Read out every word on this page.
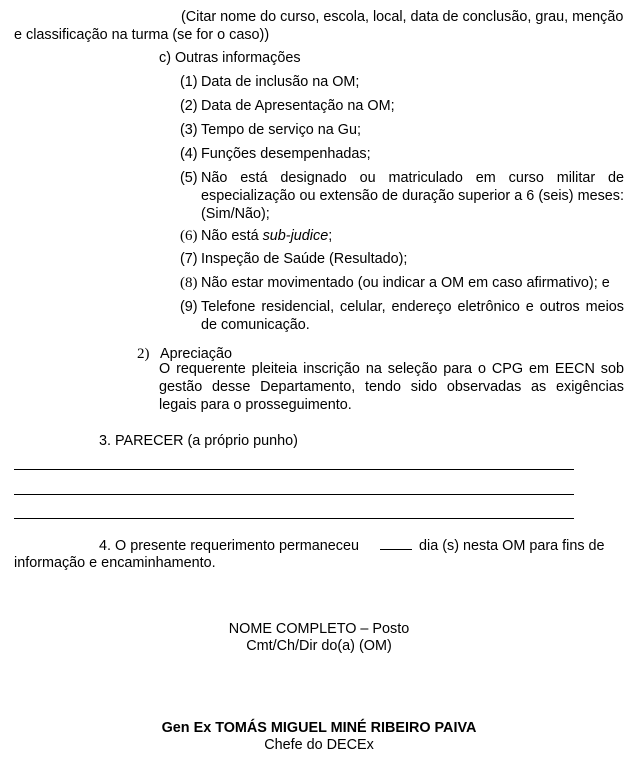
(Citar nome do curso, escola, local, data de conclusão, grau, menção
e classificação na turma (se for o caso))
c) Outras informações
(1) Data de inclusão na OM;
(2) Data de Apresentação na OM;
(3) Tempo de serviço na Gu;
(4) Funções desempenhadas;
(5) Não está designado ou matriculado em curso militar de especialização ou extensão de duração superior a 6 (seis) meses: (Sim/Não);
(6) Não está sub-judice;
(7) Inspeção de Saúde (Resultado);
(8) Não estar movimentado (ou indicar a OM em caso afirmativo); e
(9) Telefone residencial, celular, endereço eletrônico e outros meios de comunicação.
2) Apreciação
O requerente pleiteia inscrição na seleção para o CPG em EECN sob gestão desse Departamento, tendo sido observadas as exigências legais para o prosseguimento.
3. PARECER (a próprio punho)
4. O presente requerimento permaneceu	dia (s) nesta OM para fins de
informação e encaminhamento.
NOME COMPLETO – Posto
Cmt/Ch/Dir do(a) (OM)
Gen Ex TOMÁS MIGUEL MINÉ RIBEIRO PAIVA
Chefe do DECEx
